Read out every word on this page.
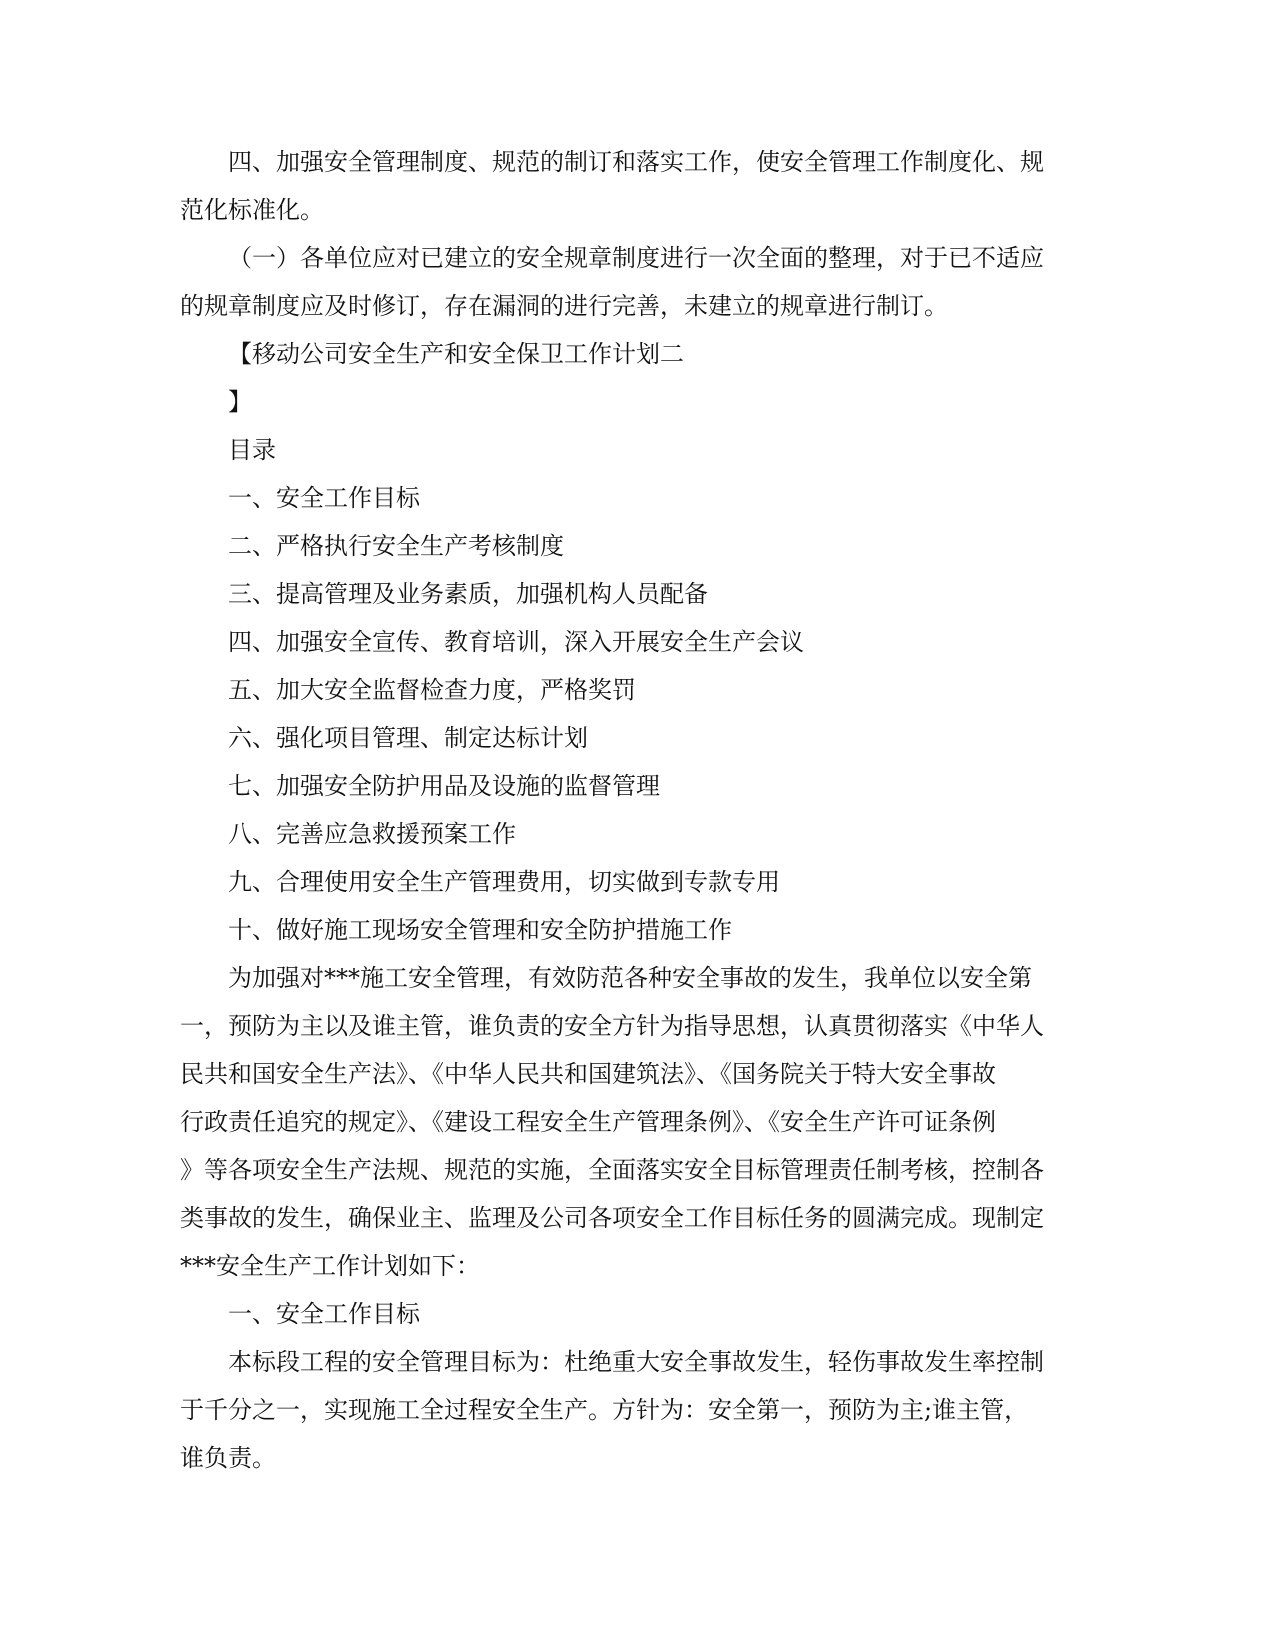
四、加强安全管理制度、规范的制订和落实工作，使安全管理工作制度化、规
范化标准化。
（一）各单位应对已建立的安全规章制度进行一次全面的整理，对于已不适应
的规章制度应及时修订，存在漏洞的进行完善，未建立的规章进行制订。
【移动公司安全生产和安全保卫工作计划二
】
目录
一、安全工作目标
二、严格执行安全生产考核制度
三、提高管理及业务素质，加强机构人员配备
四、加强安全宣传、教育培训，深入开展安全生产会议
五、加大安全监督检查力度，严格奖罚
六、强化项目管理、制定达标计划
七、加强安全防护用品及设施的监督管理
八、完善应急救援预案工作
九、合理使用安全生产管理费用，切实做到专款专用
十、做好施工现场安全管理和安全防护措施工作
为加强对***施工安全管理，有效防范各种安全事故的发生，我单位以安全第
一，预防为主以及谁主管，谁负责的安全方针为指导思想，认真贯彻落实《中华人
民共和国安全生产法》、《中华人民共和国建筑法》、《国务院关于特大安全事故
行政责任追究的规定》、《建设工程安全生产管理条例》、《安全生产许可证条例
》等各项安全生产法规、规范的实施，全面落实安全目标管理责任制考核，控制各
类事故的发生，确保业主、监理及公司各项安全工作目标任务的圆满完成。现制定
***安全生产工作计划如下：
一、安全工作目标
本标段工程的安全管理目标为：杜绝重大安全事故发生，轻伤事故发生率控制
于千分之一，实现施工全过程安全生产。方针为：安全第一，预防为主;谁主管，
谁负责。
